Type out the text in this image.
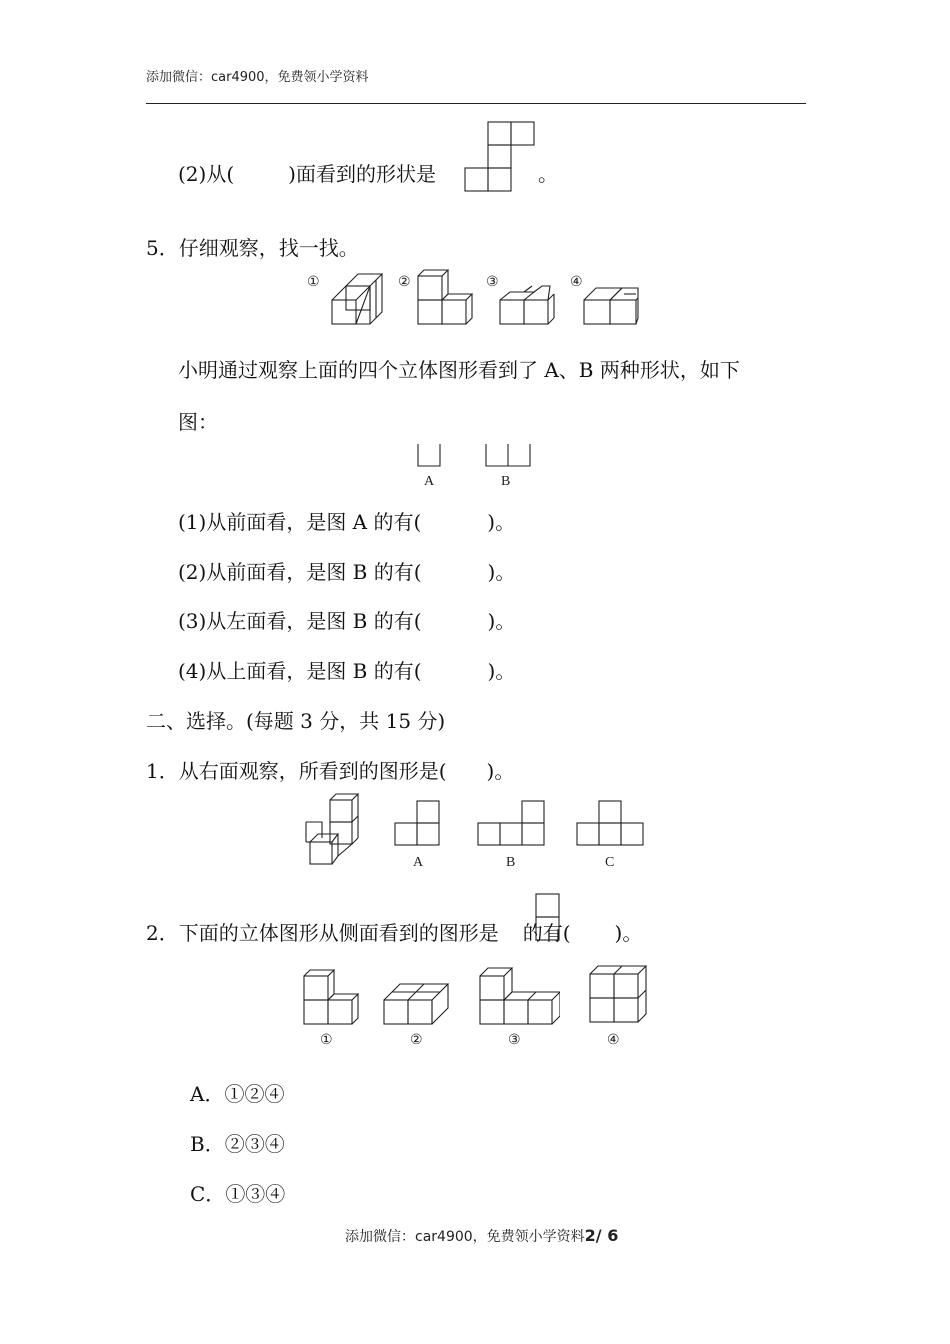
添加微信：car4900，免费领小学资料
(2)从(	)面看到的形状是	。
5．仔细观察，找一找。
①	②	③	④
小明通过观察上面的四个立体图形看到了 A、B 两种形状，如下
图：
A	B
(1)从前面看，是图 A 的有(	)。
(2)从前面看，是图 B 的有(	)。
(3)从左面看，是图 B 的有(	)。
(4)从上面看，是图 B 的有(	)。
二、选择。(每题 3 分，共 15 分)
1．从右面观察，所看到的图形是( )。
A	B	C
2．下面的立体图形从侧面看到的图形是 的有( )。
①	②	③	④
A．①②④
B．②③④
C．①③④
添加微信：car4900，免费领小学资料2/ 6
